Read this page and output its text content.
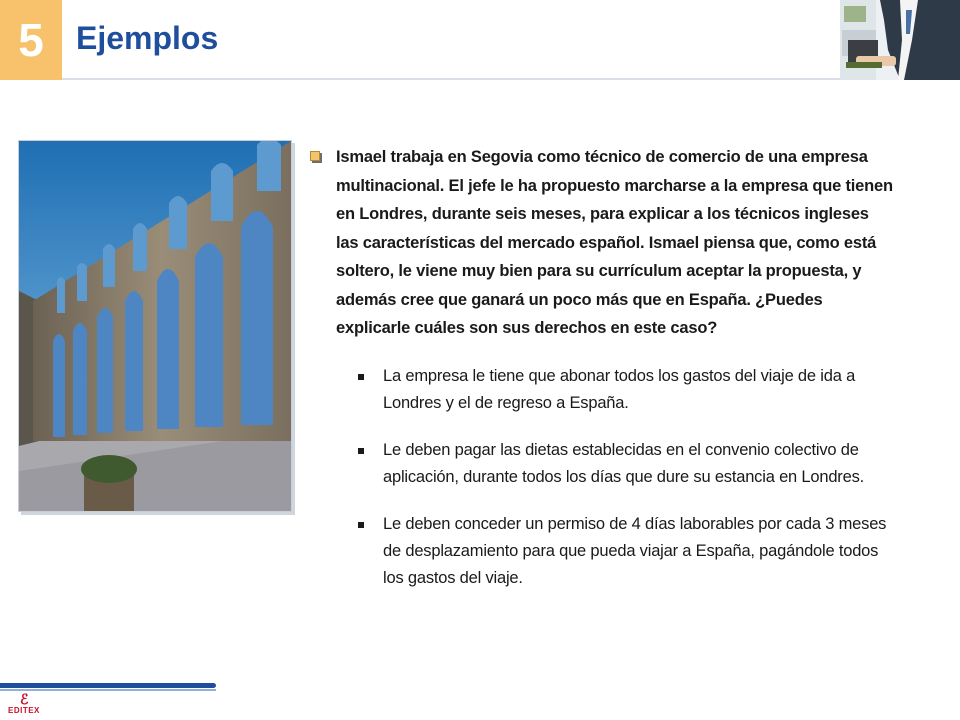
5 Ejemplos
Ismael trabaja en Segovia como técnico de comercio de una empresa multinacional. El jefe le ha propuesto marcharse a la empresa que tienen en Londres, durante seis meses, para explicar a los técnicos ingleses las características del mercado español. Ismael piensa que, como está soltero, le viene muy bien para su currículum aceptar la propuesta, y además cree que ganará un poco más que en España. ¿Puedes explicarle cuáles son sus derechos en este caso?
La empresa le tiene que abonar todos los gastos del viaje de ida a Londres y el de regreso a España.
Le deben pagar las dietas establecidas en el convenio colectivo de aplicación, durante todos los días que dure su estancia en Londres.
Le deben conceder un permiso de 4 días laborables por cada 3 meses de desplazamiento para que pueda viajar a España, pagándole todos los gastos del viaje.
ℰ
EDITEX
